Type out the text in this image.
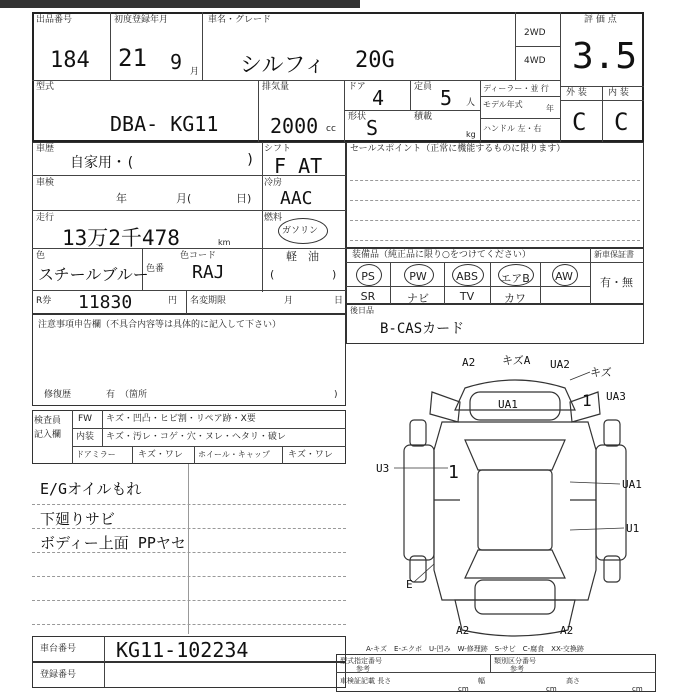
出品番号
184
初度登録年月
21 9 月
車名・グレード
シルフィ 20G
2WD
4WD
評 価 点
3.5
外 装 内 装
C C
型式
DBA- KG11
排気量
2000 cc
ドア 4	定員 5 人
ディーラー・並 行
モデル年式	年
形状 S	積載
kg
ハンドル 左・右
車歴
自家用・(	)
シフト
F AT
車検
年	月(	日)
冷房
AAC
走行
13万2千478	km
燃料
ガソリン
軽　油
(	)
色
スチールブルー
色番
色コード
RAJ
R券 11830	円 名変期限	月	日
セールスポイント（正常に機能するものに限ります）
装備品（純正品に限り○をつけてください）	新車保証書
有・無
PS	PW	ABS	エアB	AW
SR	ナビ	TV	カワ
後日品
B-CASカード
注意事項申告欄（不具合内容等は具体的に記入して下さい）
修復歴	有 （箇所	)
検査員
記入欄
FW キズ・凹凸・ヒビ割・リペア跡・X要
内装 キズ・汚レ・コゲ・穴・ヌレ・ヘタリ・破レ
ドアミラー キズ・ワレ ホイール・キャップ キズ・ワレ
E/Gオイルもれ
下廻りサビ
ボディー上面 PPヤセ
A2 キズA UA2
キズ
UA1	1 UA3
U3	1
UA1
U1
E
A2	A2
A-キズ　E-エクボ　U-凹み　W-修理跡　S-サビ　C-腐食　XX-交換跡
車台番号 KG11-102234
登録番号
型式指定番号
参考
類別区分番号
参考
車検証記載 長さ
cm
幅
cm
高さ
cm
